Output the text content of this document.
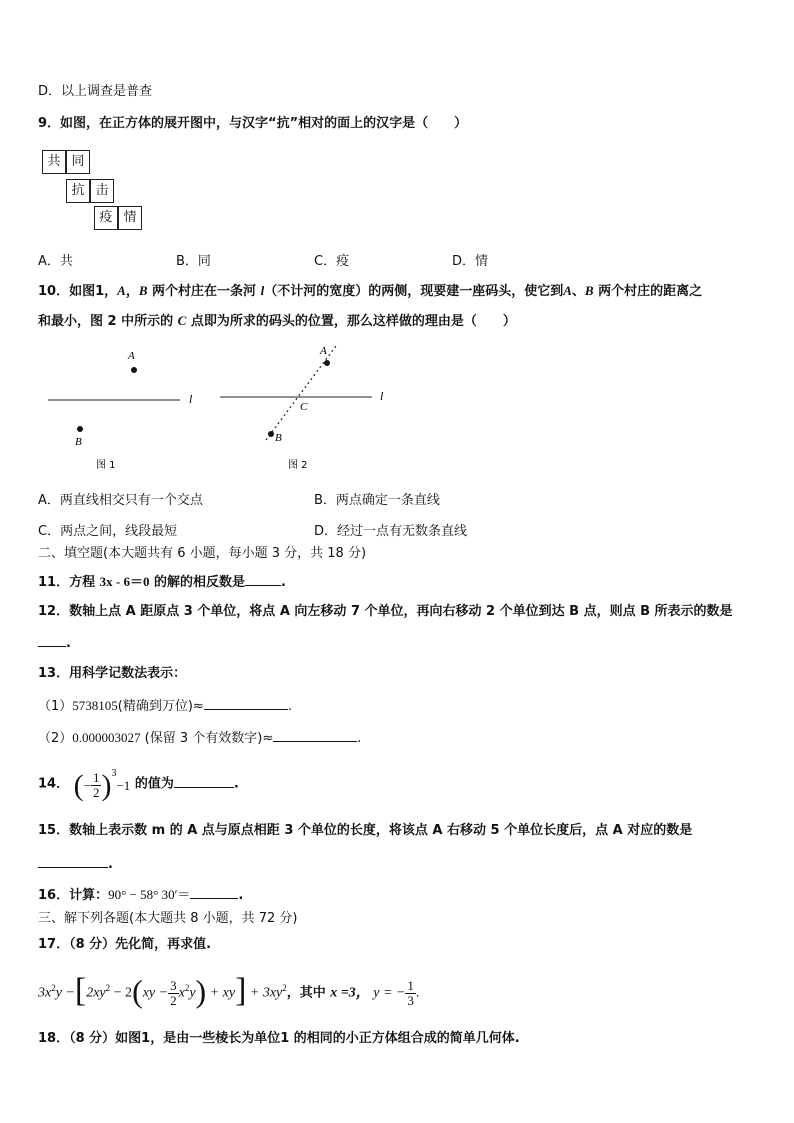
D．以上调查是普查
9．如图，在正方体的展开图中，与汉字“抗”相对的面上的汉字是（　　）
共 同
抗 击
疫 情
A．共	B．同	C．疫	D．情
10．如图1，A，B 两个村庄在一条河 l（不计河的宽度）的两侧，现要建一座码头，使它到A、B 两个村庄的距离之
和最小，图 2 中所示的 C 点即为所求的码头的位置，那么这样做的理由是（　　）
A
B
l
图 1
A
B
C
l
图 2
A．两直线相交只有一个交点	B．两点确定一条直线
C．两点之间，线段最短	D．经过一点有无数条直线
二、填空题(本大题共有 6 小题，每小题 3 分，共 18 分)
11．方程 3x - 6＝0 的解的相反数是	.
12．数轴上点 A 距原点 3 个单位，将点 A 向左移动 7 个单位，再向右移动 2 个单位到达 B 点，则点 B 所表示的数是
.
13．用科学记数法表示：
（1）5738105(精确到万位)≈	.
（2）0.000003027 (保留 3 个有效数字)≈	.
14． (− $\frac{1}{2} )^3-1$ 的值为	.
15．数轴上表示数 m 的 A 点与原点相距 3 个单位的长度，将该点 A 右移动 5 个单位长度后，点 A 对应的数是
.
16．计算：90° − 58° 30′＝	.
三、解下列各题(本大题共 8 小题，共 72 分)
17．（8 分）先化简，再求值.
$3x^2y -[2xy^2 - 2(xy - \frac{3}{2} x^2y) + xy] + 3xy^2$，其中 x =3， y = − $\frac{1}{3}$ .
18．（8 分）如图1，是由一些棱长为单位1 的相同的小正方体组合成的简单几何体.
